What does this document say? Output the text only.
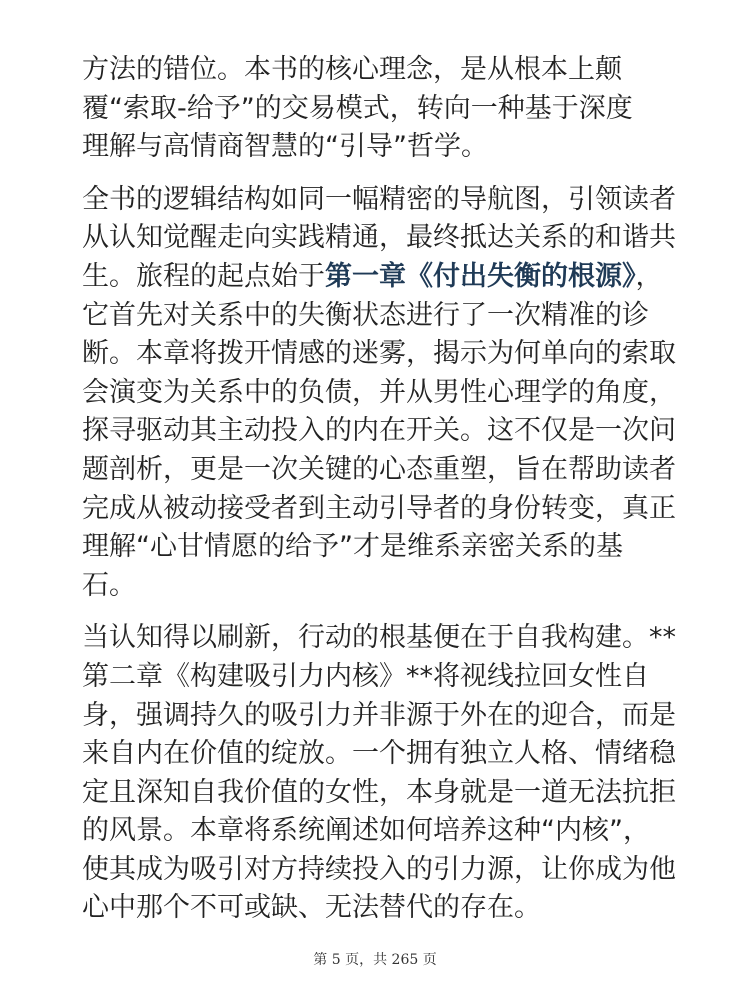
方法的错位。本书的核心理念，是从根本上颠
覆“索取-给予”的交易模式，转向一种基于深度
理解与高情商智慧的“引导”哲学。

全书的逻辑结构如同一幅精密的导航图，引领读者
从认知觉醒走向实践精通，最终抵达关系的和谐共
生。旅程的起点始于第一章《付出失衡的根源》，
它首先对关系中的失衡状态进行了一次精准的诊
断。本章将拨开情感的迷雾，揭示为何单向的索取
会演变为关系中的负债，并从男性心理学的角度，
探寻驱动其主动投入的内在开关。这不仅是一次问
题剖析，更是一次关键的心态重塑，旨在帮助读者
完成从被动接受者到主动引导者的身份转变，真正
理解“心甘情愿的给予”才是维系亲密关系的基
石。

当认知得以刷新，行动的根基便在于自我构建。**
第二章《构建吸引力内核》**将视线拉回女性自
身，强调持久的吸引力并非源于外在的迎合，而是
来自内在价值的绽放。一个拥有独立人格、情绪稳
定且深知自我价值的女性，本身就是一道无法抗拒
的风景。本章将系统阐述如何培养这种“内核”，
使其成为吸引对方持续投入的引力源，让你成为他
心中那个不可或缺、无法替代的存在。

第 5 页，共 265 页
